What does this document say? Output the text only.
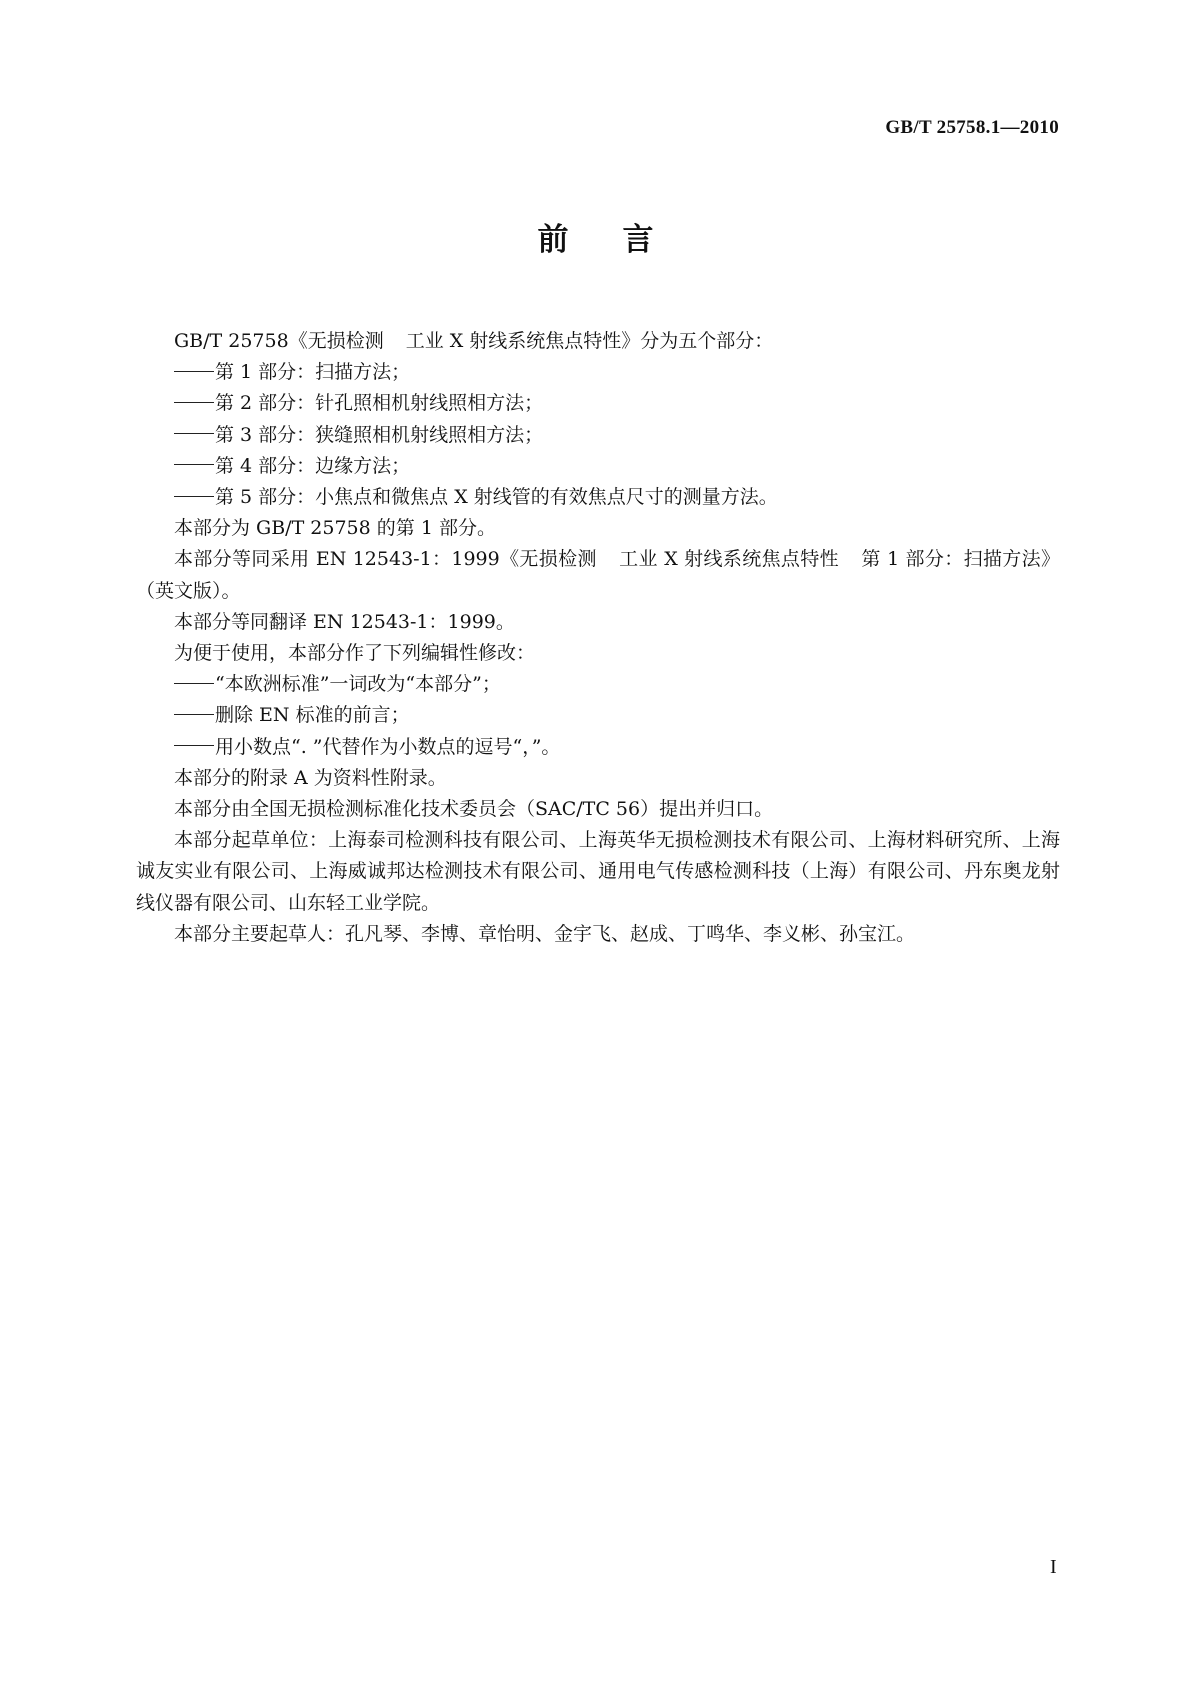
GB/T 25758.1—2010
前言

GB/T 25758《无损检测 工业 X 射线系统焦点特性》分为五个部分：

第 1 部分：扫描方法；

第 2 部分：针孔照相机射线照相方法；

第 3 部分：狭缝照相机射线照相方法；

第 4 部分：边缘方法；

第 5 部分：小焦点和微焦点 X 射线管的有效焦点尺寸的测量方法。

本部分为 GB/T 25758 的第 1 部分。

本部分等同采用 EN 12543-1：1999《无损检测 工业 X 射线系统焦点特性 第 1 部分：扫描方法》（英文版）。

本部分等同翻译 EN 12543-1：1999。

为便于使用，本部分作了下列编辑性修改：

“本欧洲标准”一词改为“本部分”；

删除 EN 标准的前言；

用小数点“. ”代替作为小数点的逗号“，”。

本部分的附录 A 为资料性附录。

本部分由全国无损检测标准化技术委员会（SAC/TC 56）提出并归口。

本部分起草单位：上海泰司检测科技有限公司、上海英华无损检测技术有限公司、上海材料研究所、上海诚友实业有限公司、上海威诚邦达检测技术有限公司、通用电气传感检测科技（上海）有限公司、丹东奥龙射线仪器有限公司、山东轻工业学院。

本部分主要起草人：孔凡琴、李博、章怡明、金宇飞、赵成、丁鸣华、李义彬、孙宝江。

I
